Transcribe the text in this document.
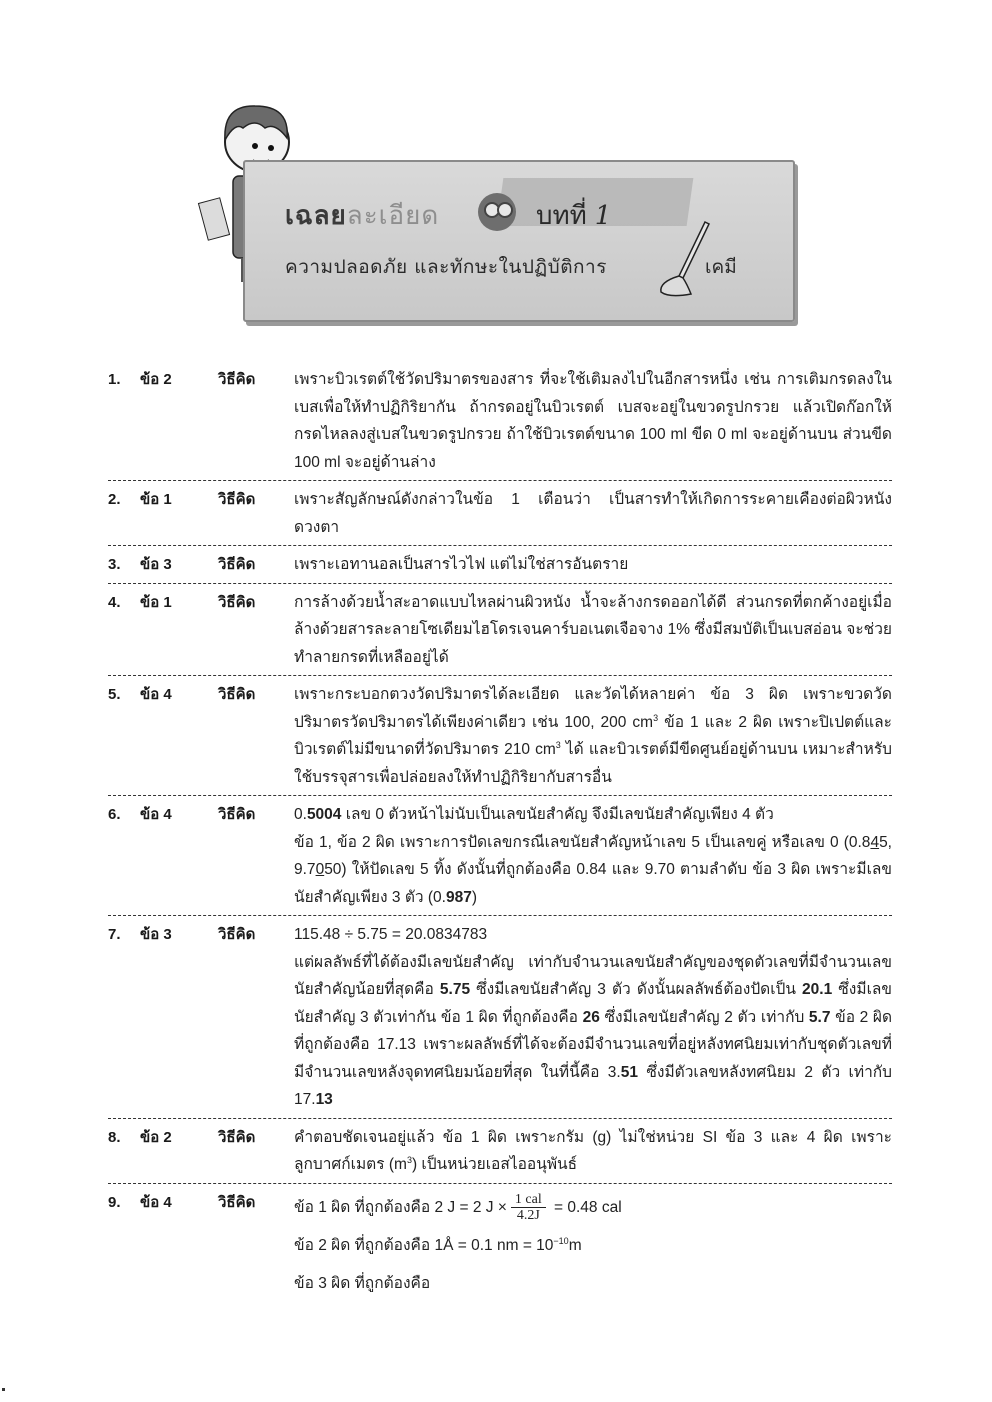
เฉลยละเอียด	บทที่ 1
ความปลอดภัย และทักษะในปฏิบัติการ	เคมี
1.	ข้อ 2	วิธีคิด	เพราะบิวเรตต์ใช้วัดปริมาตรของสาร ที่จะใช้เติมลงไปในอีกสารหนึ่ง เช่น การเติมกรดลงในเบสเพื่อให้ทำปฏิกิริยากัน ถ้ากรดอยู่ในบิวเรตต์ เบสจะอยู่ในขวดรูปกรวย แล้วเปิดก๊อกให้กรดไหลลงสู่เบสในขวดรูปกรวย ถ้าใช้บิวเรตต์ขนาด 100 ml ขีด 0 ml จะอยู่ด้านบน ส่วนขีด 100 ml จะอยู่ด้านล่าง
2.	ข้อ 1	วิธีคิด	เพราะสัญลักษณ์ดังกล่าวในข้อ 1 เตือนว่า เป็นสารทำให้เกิดการระคายเคืองต่อผิวหนัง ดวงตา
3.	ข้อ 3	วิธีคิด	เพราะเอทานอลเป็นสารไวไฟ แต่ไม่ใช่สารอันตราย
4.	ข้อ 1	วิธีคิด	การล้างด้วยน้ำสะอาดแบบไหลผ่านผิวหนัง น้ำจะล้างกรดออกได้ดี ส่วนกรดที่ตกค้างอยู่เมื่อล้างด้วยสารละลายโซเดียมไฮโดรเจนคาร์บอเนตเจือจาง 1% ซึ่งมีสมบัติเป็นเบสอ่อน จะช่วยทำลายกรดที่เหลืออยู่ได้
5.	ข้อ 4	วิธีคิด	เพราะกระบอกตวงวัดปริมาตรได้ละเอียด และวัดได้หลายค่า ข้อ 3 ผิด เพราะขวดวัดปริมาตรวัดปริมาตรได้เพียงค่าเดียว เช่น 100, 200 $cm^3$ ข้อ 1 และ 2 ผิด เพราะปิเปตต์และบิวเรตต์ไม่มีขนาดที่วัดปริมาตร 210 $cm^3$ ได้ และบิวเรตต์มีขีดศูนย์อยู่ด้านบน เหมาะสำหรับใช้บรรจุสารเพื่อปล่อยลงให้ทำปฏิกิริยากับสารอื่น
6.	ข้อ 4	วิธีคิด	0.5004 เลข 0 ตัวหน้าไม่นับเป็นเลขนัยสำคัญ จึงมีเลขนัยสำคัญเพียง 4 ตัว

ข้อ 1, ข้อ 2 ผิด เพราะการปัดเลขกรณีเลขนัยสำคัญหน้าเลข 5 เป็นเลขคู่ หรือเลข 0 (0.845, 9.7050) ให้ปัดเลข 5 ทิ้ง ดังนั้นที่ถูกต้องคือ 0.84 และ 9.70 ตามลำดับ ข้อ 3 ผิด เพราะมีเลขนัยสำคัญเพียง 3 ตัว (0.987)

7.	ข้อ 3	วิธีคิด	115.48 ÷ 5.75 = 20.0834783

แต่ผลลัพธ์ที่ได้ต้องมีเลขนัยสำคัญ เท่ากับจำนวนเลขนัยสำคัญของชุดตัวเลขที่มีจำนวนเลขนัยสำคัญน้อยที่สุดคือ 5.75 ซึ่งมีเลขนัยสำคัญ 3 ตัว ดังนั้นผลลัพธ์ต้องปัดเป็น 20.1 ซึ่งมีเลขนัยสำคัญ 3 ตัวเท่ากัน ข้อ 1 ผิด ที่ถูกต้องคือ 26 ซึ่งมีเลขนัยสำคัญ 2 ตัว เท่ากับ 5.7 ข้อ 2 ผิด ที่ถูกต้องคือ 17.13 เพราะผลลัพธ์ที่ได้จะต้องมีจำนวนเลขที่อยู่หลังทศนิยมเท่ากับชุดตัวเลขที่มีจำนวนเลขหลังจุดทศนิยมน้อยที่สุด ในที่นี้คือ 3.51 ซึ่งมีตัวเลขหลังทศนิยม 2 ตัว เท่ากับ 17.13

8.	ข้อ 2	วิธีคิด	คำตอบชัดเจนอยู่แล้ว ข้อ 1 ผิด เพราะกรัม (g) ไม่ใช่หน่วย SI ข้อ 3 และ 4 ผิด เพราะลูกบาศก์เมตร $(m^3)$ เป็นหน่วยเอสไออนุพันธ์
9.	ข้อ 4	วิธีคิด	ข้อ 1 ผิด ที่ถูกต้องคือ 2 J = 2 $J \times \frac{\text{1 cal}}{4.2J} = 0.48$ cal

ข้อ 2 ผิด ที่ถูกต้องคือ 1Å = 0.1 nm = $10^{-10}m$

ข้อ 3 ผิด ที่ถูกต้องคือ
